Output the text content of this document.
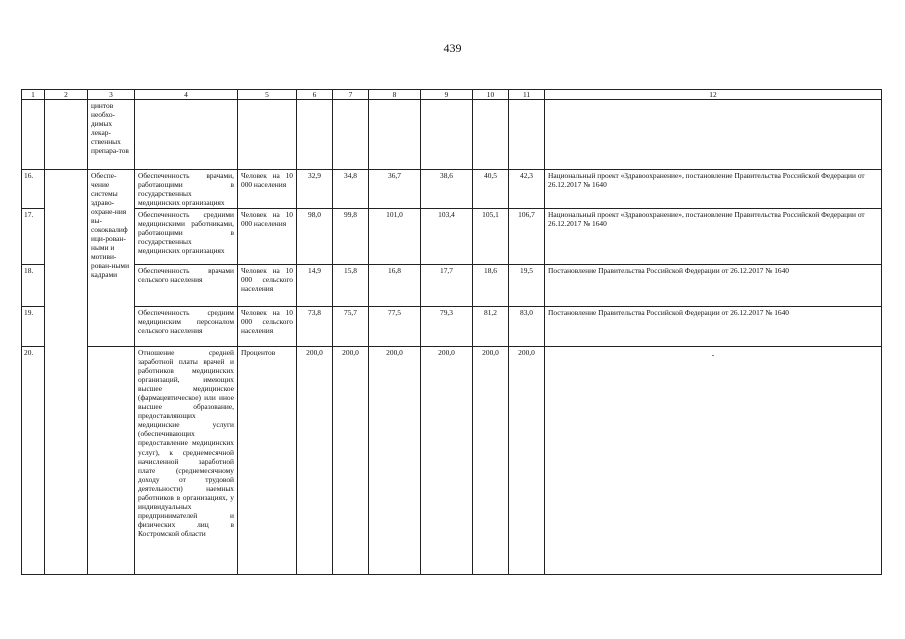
439
1	2	3	4	5	6	7	8	9	10	11	12
		цинтов необхо-димых лекар-ственных препара-тов									
16.		Обеспе-чение системы здраво-охране-ния вы-сококвалифици-рован-ными и мотиви-рован-ными кадрами	Обеспеченность врачами, работающими в государственных медицинских организациях	Человек на 10 000 населения	32,9	34,8	36,7	38,6	40,5	42,3	Национальный проект «Здравоохранение», постановление Правительства Российской Федерации от 26.12.2017 № 1640
17.			Обеспеченность средними медицинскими работниками, работающими в государственных медицинских организациях	Человек на 10 000 населения	98,0	99,8	101,0	103,4	105,1	106,7	Национальный проект «Здравоохранение», постановление Правительства Российской Федерации от 26.12.2017 № 1640
18.			Обеспеченность врачами сельского населения	Человек на 10 000 сельского населения	14,9	15,8	16,8	17,7	18,6	19,5	Постановление Правительства Российской Федерации от 26.12.2017 № 1640
19.			Обеспеченность средним медицинским персоналом сельского населения	Человек на 10 000 сельского населения	73,8	75,7	77,5	79,3	81,2	83,0	Постановление Правительства Российской Федерации от 26.12.2017 № 1640
20.			Отношение средней заработной платы врачей и работников медицинских организаций, имеющих высшее медицинское (фармацевтическое) или иное высшее образование, предоставляющих медицинские услуги (обеспечивающих предоставление медицинских услуг), к среднемесячной начисленной заработной плате (среднемесячному доходу от трудовой деятельности) наемных работников в организациях, у индивидуальных предпринимателей и физических лиц в Костромской области	Процентов	200,0	200,0	200,0	200,0	200,0	200,0	-
